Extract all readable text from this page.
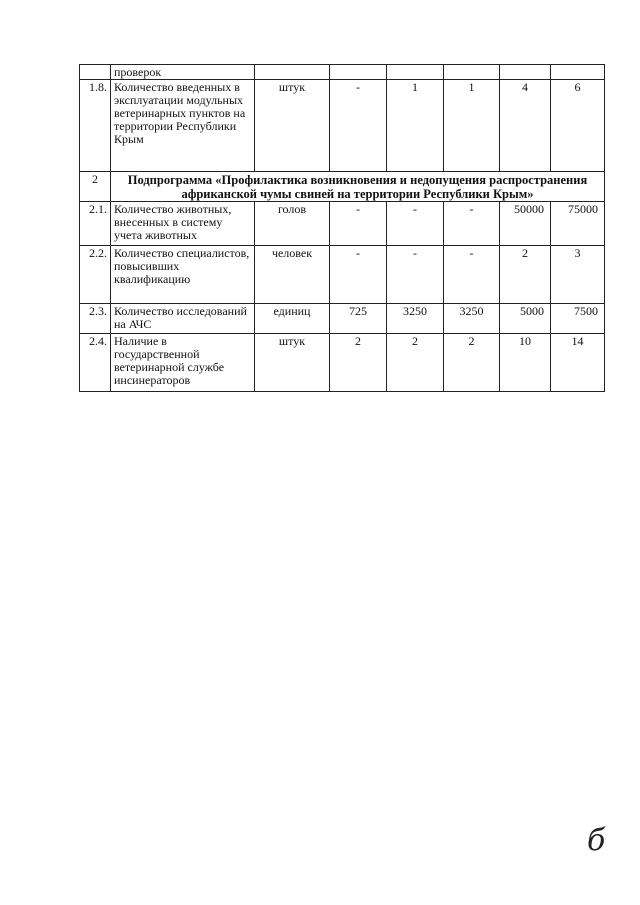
	проверок						
1.8.	Количество введенных в эксплуатации модульных ветеринарных пунктов на территории Республики Крым	штук	-	1	1	4	6
2	Подпрограмма «Профилактика возникновения и недопущения распространения африканской чумы свиней на территории Республики Крым»						
2.1.	Количество животных, внесенных в систему учета животных	голов	-	-	-	50000	75000
2.2.	Количество специалистов, повысивших квалификацию	человек	-	-	-	2	3
2.3.	Количество исследований на АЧС	единиц	725	3250	3250	5000	7500
2.4.	Наличие в государственной ветеринарной службе инсинераторов	штук	2	2	2	10	14
б
